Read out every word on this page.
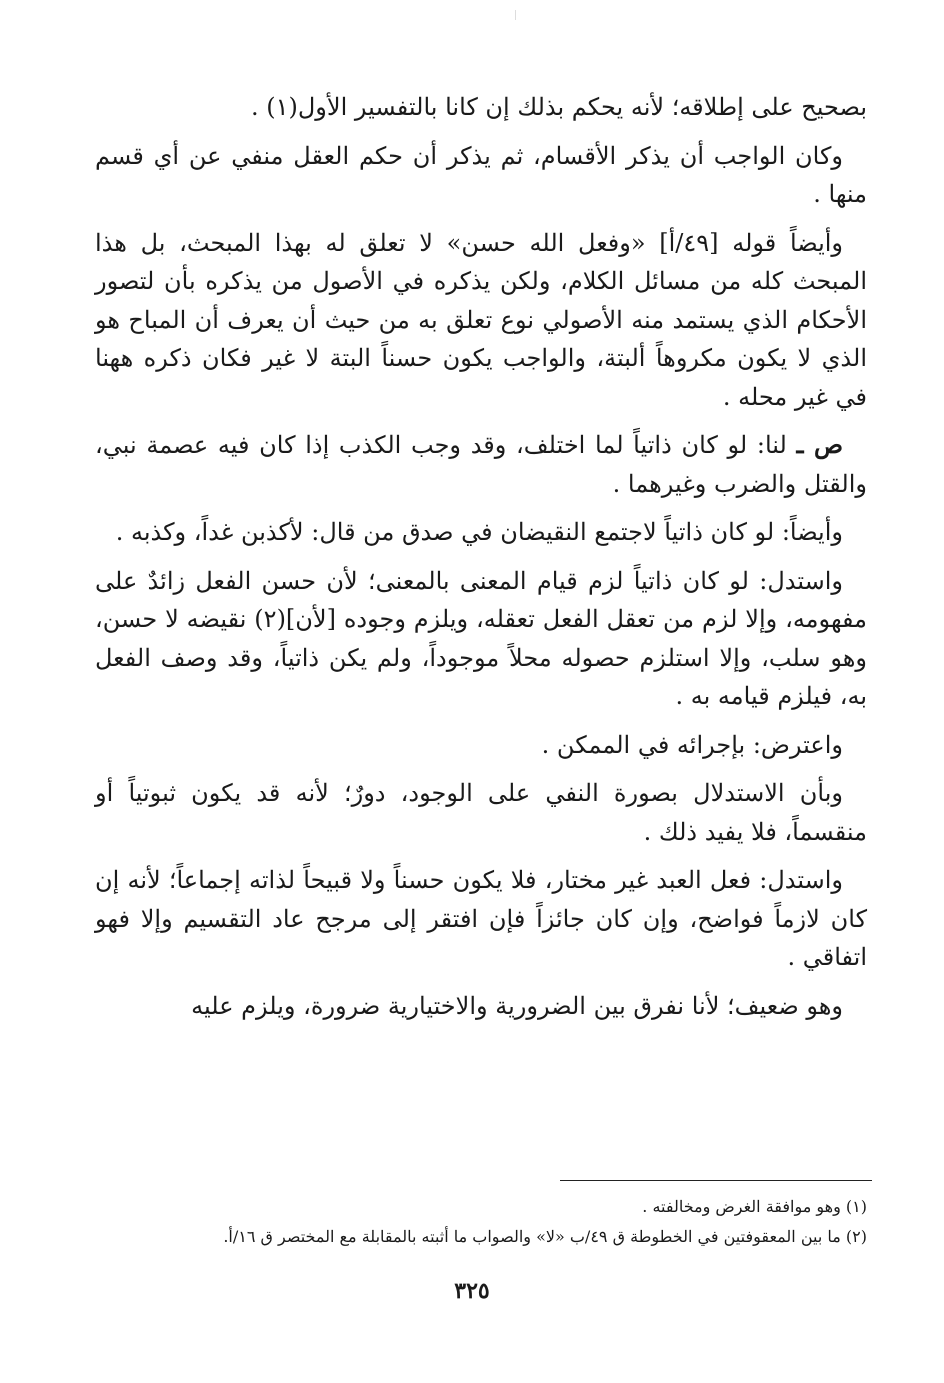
بصحيح على إطلاقه؛ لأنه يحكم بذلك إن كانا بالتفسير الأول(١) .

وكان الواجب أن يذكر الأقسام، ثم يذكر أن حكم العقل منفي عن أي قسم منها .

وأيضاً قوله [٤٩/أ] «وفعل الله حسن» لا تعلق له بهذا المبحث، بل هذا المبحث كله من مسائل الكلام، ولكن يذكره في الأصول من يذكره بأن لتصور الأحكام الذي يستمد منه الأصولي نوع تعلق به من حيث أن يعرف أن المباح هو الذي لا يكون مكروهاً ألبتة، والواجب يكون حسناً البتة لا غير فكان ذكره ههنا في غير محله .

ص ـ لنا: لو كان ذاتياً لما اختلف، وقد وجب الكذب إذا كان فيه عصمة نبي، والقتل والضرب وغيرهما .

وأيضاً: لو كان ذاتياً لاجتمع النقيضان في صدق من قال: لأكذبن غداً، وكذبه .

واستدل: لو كان ذاتياً لزم قيام المعنى بالمعنى؛ لأن حسن الفعل زائدٌ على مفهومه، وإلا لزم من تعقل الفعل تعقله، ويلزم وجوده [لأن](٢) نقيضه لا حسن، وهو سلب، وإلا استلزم حصوله محلاً موجوداً، ولم يكن ذاتياً، وقد وصف الفعل به، فيلزم قيامه به .

واعترض: بإجرائه في الممكن .

وبأن الاستدلال بصورة النفي على الوجود، دورٌ؛ لأنه قد يكون ثبوتياً أو منقسماً، فلا يفيد ذلك .

واستدل: فعل العبد غير مختار، فلا يكون حسناً ولا قبيحاً لذاته إجماعاً؛ لأنه إن كان لازماً فواضح، وإن كان جائزاً فإن افتقر إلى مرجح عاد التقسيم وإلا فهو اتفاقي .

وهو ضعيف؛ لأنا نفرق بين الضرورية والاختيارية ضرورة، ويلزم عليه

(١) وهو موافقة الغرض ومخالفته .

(٢) ما بين المعقوفتين في الخطوطة ق ٤٩/ب «لا» والصواب ما أثبته بالمقابلة مع المختصر ق ١٦/أ.

٣٢٥
